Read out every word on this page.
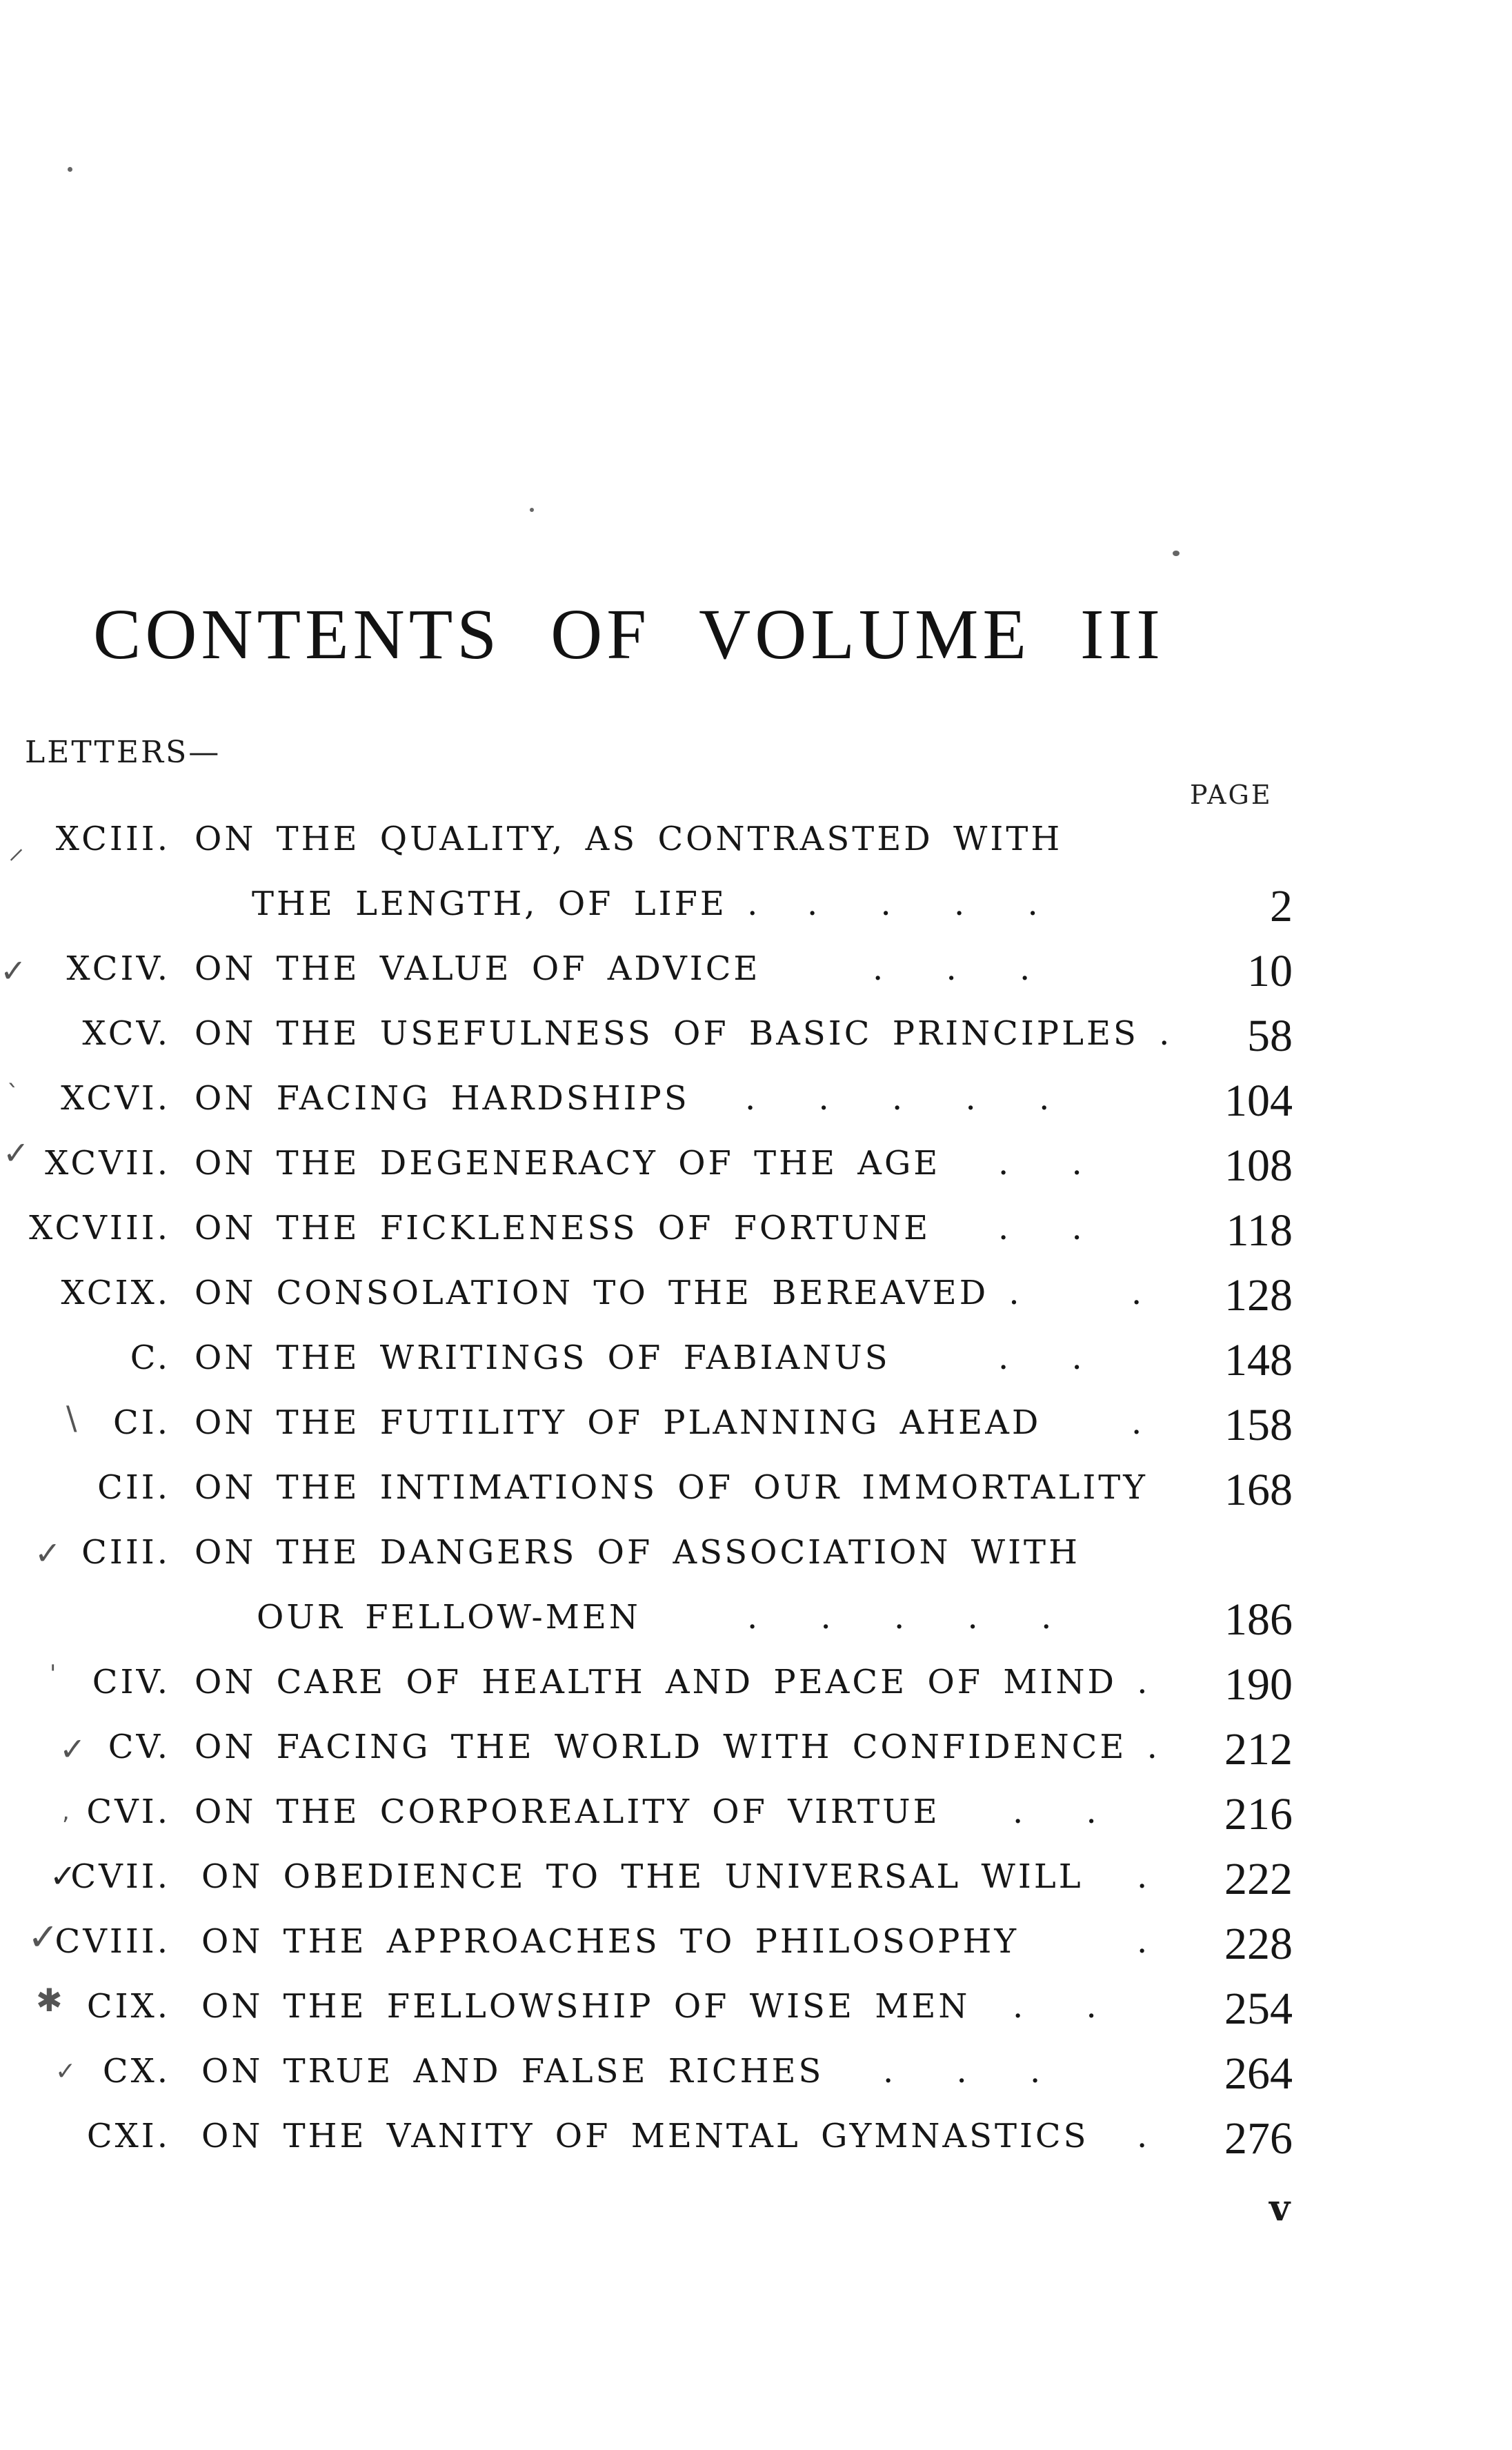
CONTENTS OF VOLUME III
LETTERS—
PAGE
⸝ XCIII. ON THE QUALITY, AS CONTRASTED WITH
THE LENGTH, OF LIFE . . . . .	2
✓ XCIV. ON THE VALUE OF ADVICE	. . .	10
XCV. ON THE USEFULNESS OF BASIC PRINCIPLES . 58
` XCVI. ON FACING HARDSHIPS . . . . .	104
✓ XCVII. ON THE DEGENERACY OF THE AGE . .	108
XCVIII. ON THE FICKLENESS OF FORTUNE . .	118
XCIX. ON CONSOLATION TO THE BEREAVED .	. 128
C. ON THE WRITINGS OF FABIANUS	. .	148
\ CI. ON THE FUTILITY OF PLANNING AHEAD	. 158
CII. ON THE INTIMATIONS OF OUR IMMORTALITY 168
✓ CIII. ON THE DANGERS OF ASSOCIATION WITH
OUR FELLOW-MEN	. . . . .	186
' CIV. ON CARE OF HEALTH AND PEACE OF MIND . 190
✓ CV. ON FACING THE WORLD WITH CONFIDENCE . 212
, CVI. ON THE CORPOREALITY OF VIRTUE . . 216
✓
CVII. ON OBEDIENCE TO THE UNIVERSAL WILL . 222
✓
CVIII. ON THE APPROACHES TO PHILOSOPHY	. 228
✱ CIX. ON THE FELLOWSHIP OF WISE MEN . . 254
✓ CX. ON TRUE AND FALSE RICHES . . .	264
CXI. ON THE VANITY OF MENTAL GYMNASTICS . 276
v
